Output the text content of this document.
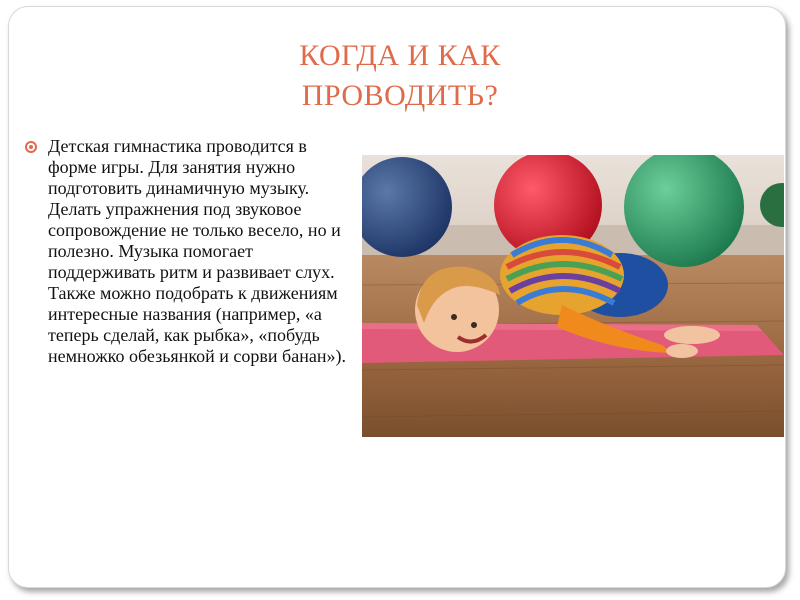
КОГДА И КАК
ПРОВОДИТЬ?
Детская гимнастика проводится в форме игры. Для занятия нужно подготовить динамичную музыку. Делать упражнения под звуковое сопровождение не только весело, но и полезно. Музыка помогает поддерживать ритм и развивает слух. Также можно подобрать к движениям интересные названия (например, «а теперь сделай, как рыбка», «побудь немножко обезьянкой и сорви банан»).
